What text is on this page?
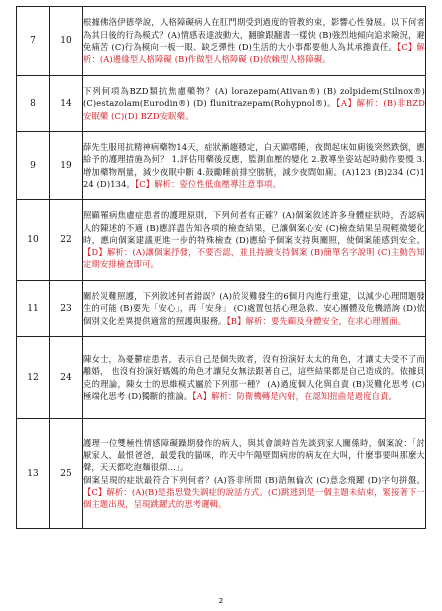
7	10	根據佛洛伊德學說，人格障礙病人在肛門期受到過度的管教約束，影響心性發展。以下何者為其日後的行為模式？(A)情感表達波動大，翻臉跟翻書一樣快 (B)強烈地傾向追求險況，避免痛苦 (C)行為模向一板一眼、缺乏彈性 (D)生活的大小事都要他人為其承擔責任。【C】解析：(A)邊緣型人格障礙 (B)作做型人格障礙 (D)依賴型人格障礙。

8	14	下列何項為BZD類抗焦慮藥物？(A) lorazepam(Ativan®) (B) zolpidem(Stilnox®) (C)estazolam(Eurodin®) (D) flunitrazepam(Rohypnol®)。【A】解析：(B)非BZD安眠藥 (C)(D) BZD安眠藥。

9	19	薛先生服用抗精神病藥物14天，症狀漸趨穩定，白天顯嗜睡，夜間起床如廁後突然跌倒，應給予的護理措施為何？ 1.評估用藥後反應，監測血壓的變化 2.教導坐姿站起時動作要慢 3.增加藥物劑量，減少夜眠中斷 4.鼓勵睡前排空膀胱，減少夜間如廁。(A)123 (B)234 (C)124 (D)134。【C】解析：姿位性低血壓導注意事項。

10	22	照顧罹病焦慮症患者的護理原則，下列何者有正確？(A)個案敘述許多身體症狀時，否認病人的陳述的不適 (B)應詳盡告知各項的檢查結果，已讓個案心安 (C)檢查結果呈現輕微變化時，應向個案建議更進一步的特殊檢查 (D)應給予個案支持與關照，使個案能感到安全。【D】解析：(A)讓個案抒發，不要否認，並且持續支持個案 (B)簡單名字說明 (C)主動告知定期安排檢查即可。

11	23	關於災難照護，下列敘述何者錯誤？(A)於災難發生的6個月內進行重建，以減少心理問題發生的可能 (B)要先「安心」，再「安身」 (C)處置包括心理急救、安心團體及危機諮詢 (D)依個別文化差異提供適當的照護與服務。【B】解析：要先顧及身體安全，在求心理層面。

12	24	陳女士，為憂鬱症患者，表示自己是個失敗者，沒有扮演好太太的角色，才讓丈夫受不了而離婚， 也沒有扮演好媽媽的角色才讓兒女無法跟著自己，這些結果都是自己造成的。依據貝克的理論，陳女士的思維模式屬於下列那一種？ (A)過度個人化與自責 (B)災難化思考 (C)極端化思考 (D)獨斷的推論。【A】解析：防衛機轉是內射，在認知扭曲是過度自責。

13	25	護理一位雙極性情感障礙躁期發作的病人，與其會談時首先談到家人關係時，個案說：「討厭家人，最恨爸爸，最愛我的貓咪，昨天中午陽壁間病房的病友在大叫，什麼事要叫那麼大聲，天天都吃泡麵很煩…」。
個案呈現的症狀最符合下列何者？(A)答非所問 (B)語無倫次 (C)意念飛躍 (D)字句拼盤。【C】解析：(A)(B)是指思覺失調症的說話方式。(C)跳逃到是一個主題未結束，緊接著下一個主題出現，呈現跳躍式的思考邏輯。
2
